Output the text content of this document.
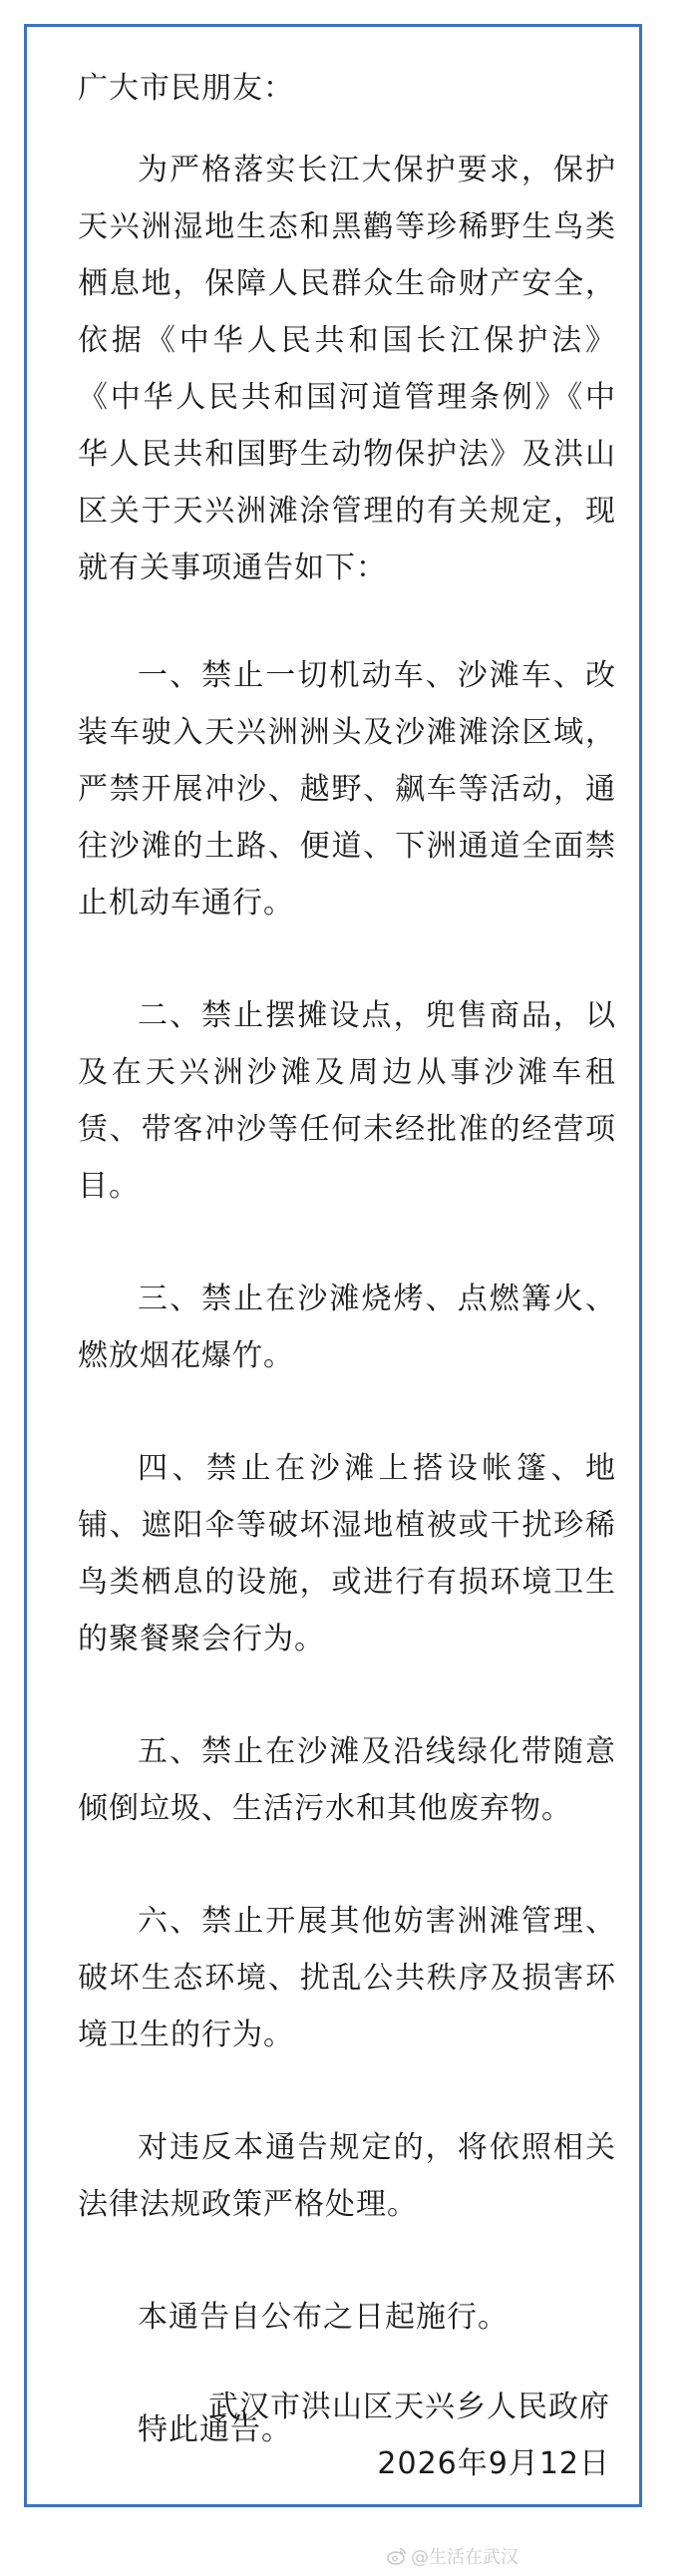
广大市民朋友：

为严格落实长江大保护要求，保护天兴洲湿地生态和黑鹳等珍稀野生鸟类栖息地，保障人民群众生命财产安全，依据《中华人民共和国长江保护法》《中华人民共和国河道管理条例》《中华人民共和国野生动物保护法》及洪山区关于天兴洲滩涂管理的有关规定，现就有关事项通告如下：

一、禁止一切机动车、沙滩车、改装车驶入天兴洲洲头及沙滩滩涂区域，严禁开展冲沙、越野、飙车等活动，通往沙滩的土路、便道、下洲通道全面禁止机动车通行。

二、禁止摆摊设点，兜售商品，以及在天兴洲沙滩及周边从事沙滩车租赁、带客冲沙等任何未经批准的经营项目。

三、禁止在沙滩烧烤、点燃篝火、燃放烟花爆竹。

四、禁止在沙滩上搭设帐篷、地铺、遮阳伞等破坏湿地植被或干扰珍稀鸟类栖息的设施，或进行有损环境卫生的聚餐聚会行为。

五、禁止在沙滩及沿线绿化带随意倾倒垃圾、生活污水和其他废弃物。

六、禁止开展其他妨害洲滩管理、破坏生态环境、扰乱公共秩序及损害环境卫生的行为。

对违反本通告规定的，将依照相关法律法规政策严格处理。

本通告自公布之日起施行。

特此通告。

武汉市洪山区天兴乡人民政府
2026年9月12日
@生活在武汉
